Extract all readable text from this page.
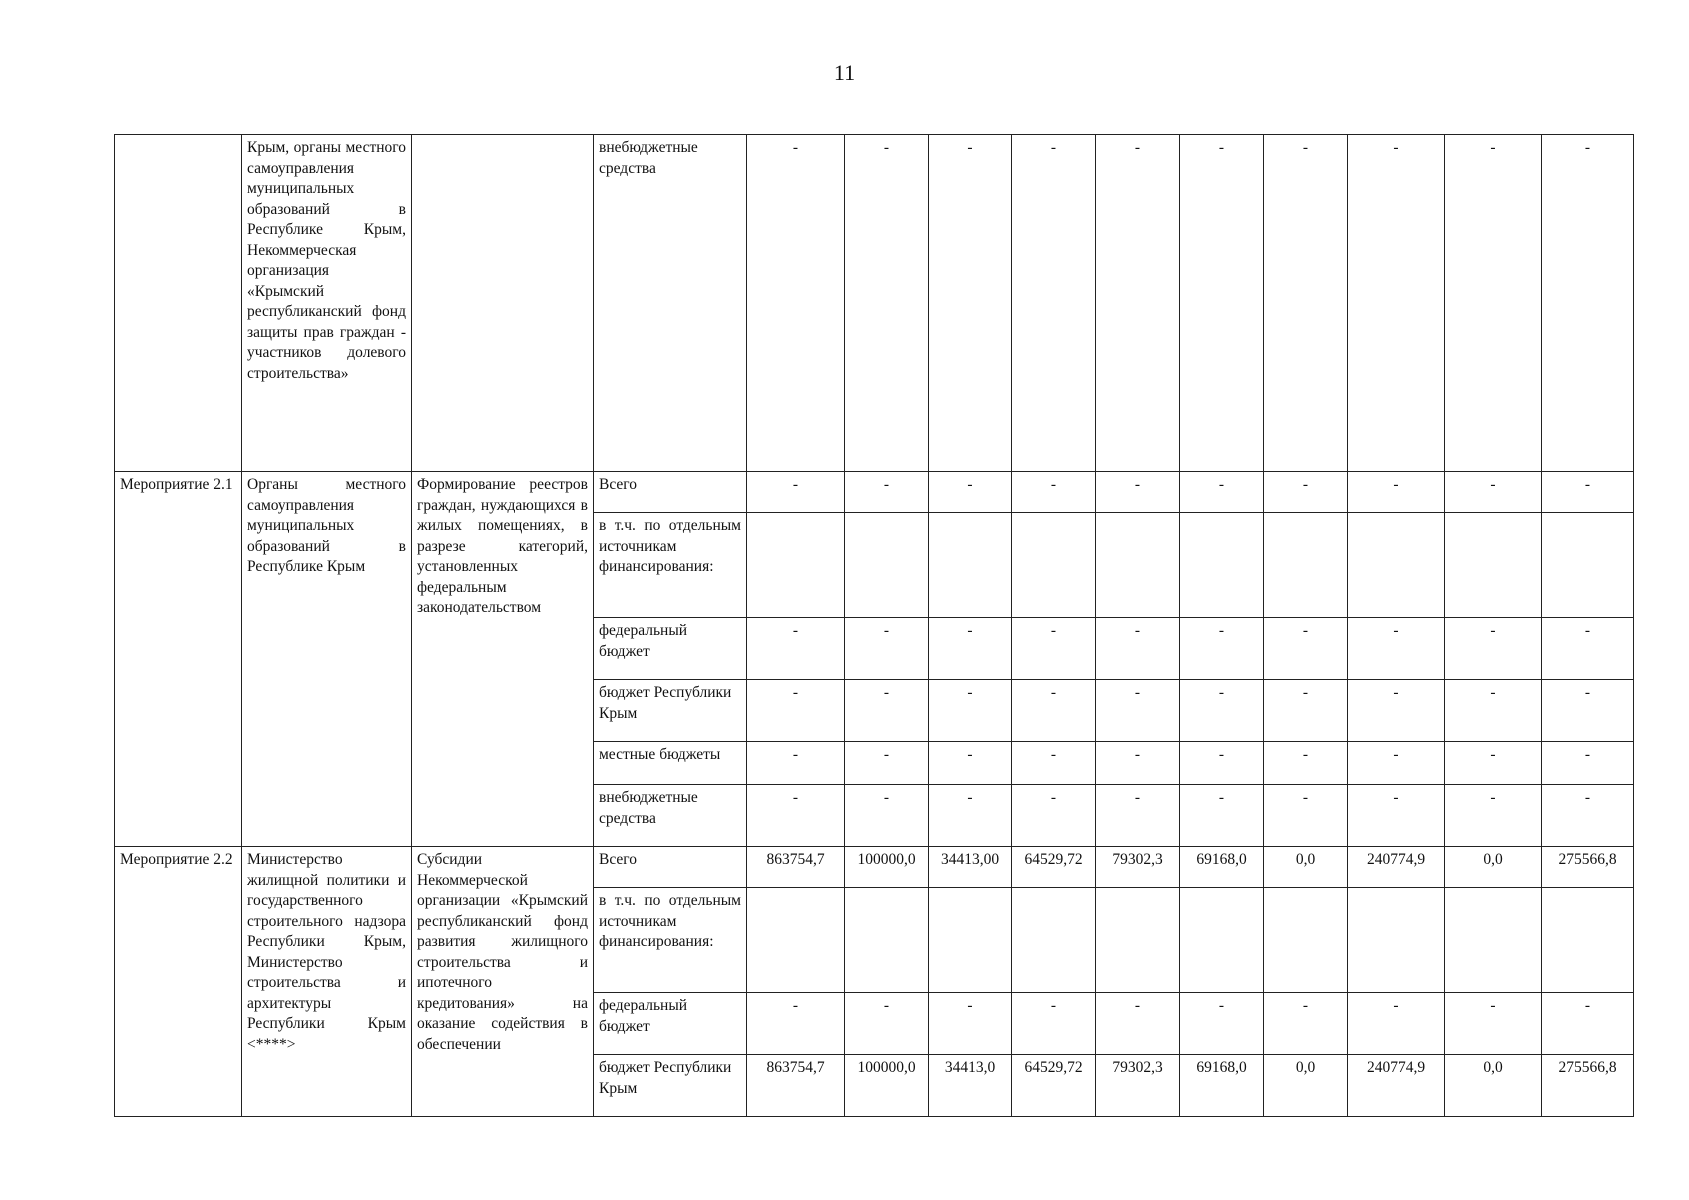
11
	Крым, органы местного самоуправления муниципальных образований в Республике Крым, Некоммерческая организация «Крымский республиканский фонд защиты прав граждан - участников долевого строительства»		внебюджетные средства	-	-	-	-	-	-	-	-	-	-
Мероприятие 2.1	Органы местного самоуправления муниципальных образований в Республике Крым	Формирование реестров граждан, нуждающихся в жилых помещениях, в разрезе категорий, установленных федеральным законодательством	Всего	-	-	-	-	-	-	-	-	-	-
			в т.ч. по отдельным источникам финансирования:										
			федеральный бюджет	-	-	-	-	-	-	-	-	-	-
			бюджет Республики Крым	-	-	-	-	-	-	-	-	-	-
			местные бюджеты	-	-	-	-	-	-	-	-	-	-
			внебюджетные средства	-	-	-	-	-	-	-	-	-	-
Мероприятие 2.2	Министерство жилищной политики и государственного строительного надзора Республики Крым, Министерство строительства и архитектуры Республики Крым <****>	Субсидии Некоммерческой организации «Крымский республиканский фонд развития жилищного строительства и ипотечного кредитования» на оказание содействия в обеспечении	Всего	863754,7	100000,0	34413,00	64529,72	79302,3	69168,0	0,0	240774,9	0,0	275566,8
			в т.ч. по отдельным источникам финансирования:										
			федеральный бюджет	-	-	-	-	-	-	-	-	-	-
			бюджет Республики Крым	863754,7	100000,0	34413,0	64529,72	79302,3	69168,0	0,0	240774,9	0,0	275566,8
